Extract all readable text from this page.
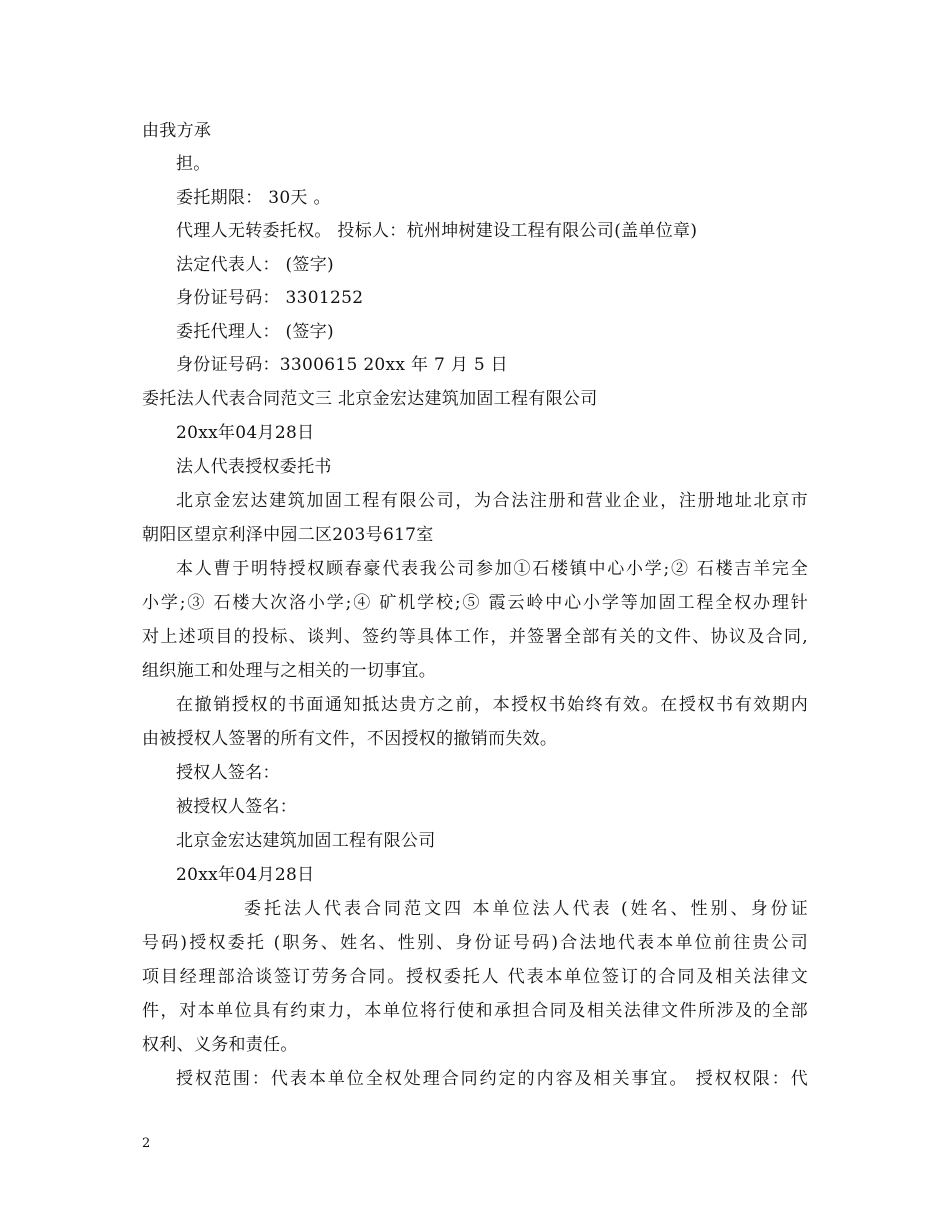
由我方承
担。
委托期限： 30天 。
代理人无转委托权。 投标人：杭州坤树建设工程有限公司(盖单位章)
法定代表人： (签字)
身份证号码： 3301252
委托代理人： (签字)
身份证号码：3300615 20xx 年 7 月 5 日
委托法人代表合同范文三 北京金宏达建筑加固工程有限公司
20xx年04月28日
法人代表授权委托书
北京金宏达建筑加固工程有限公司，为合法注册和营业企业，注册地址北京市
朝阳区望京利泽中园二区203号617室
本人曹于明特授权顾春豪代表我公司参加①石楼镇中心小学;② 石楼吉羊完全
小学;③ 石楼大次洛小学;④ 矿机学校;⑤ 霞云岭中心小学等加固工程全权办理针
对上述项目的投标、谈判、签约等具体工作，并签署全部有关的文件、协议及合同,
组织施工和处理与之相关的一切事宜。
在撤销授权的书面通知抵达贵方之前，本授权书始终有效。在授权书有效期内
由被授权人签署的所有文件，不因授权的撤销而失效。
授权人签名：
被授权人签名：
北京金宏达建筑加固工程有限公司
20xx年04月28日
委托法人代表合同范文四 本单位法人代表 (姓名、性别、身份证
号码)授权委托 (职务、姓名、性别、身份证号码)合法地代表本单位前往贵公司
项目经理部洽谈签订劳务合同。授权委托人 代表本单位签订的合同及相关法律文
件，对本单位具有约束力，本单位将行使和承担合同及相关法律文件所涉及的全部
权利、义务和责任。
授权范围：代表本单位全权处理合同约定的内容及相关事宜。 授权权限：代
2
